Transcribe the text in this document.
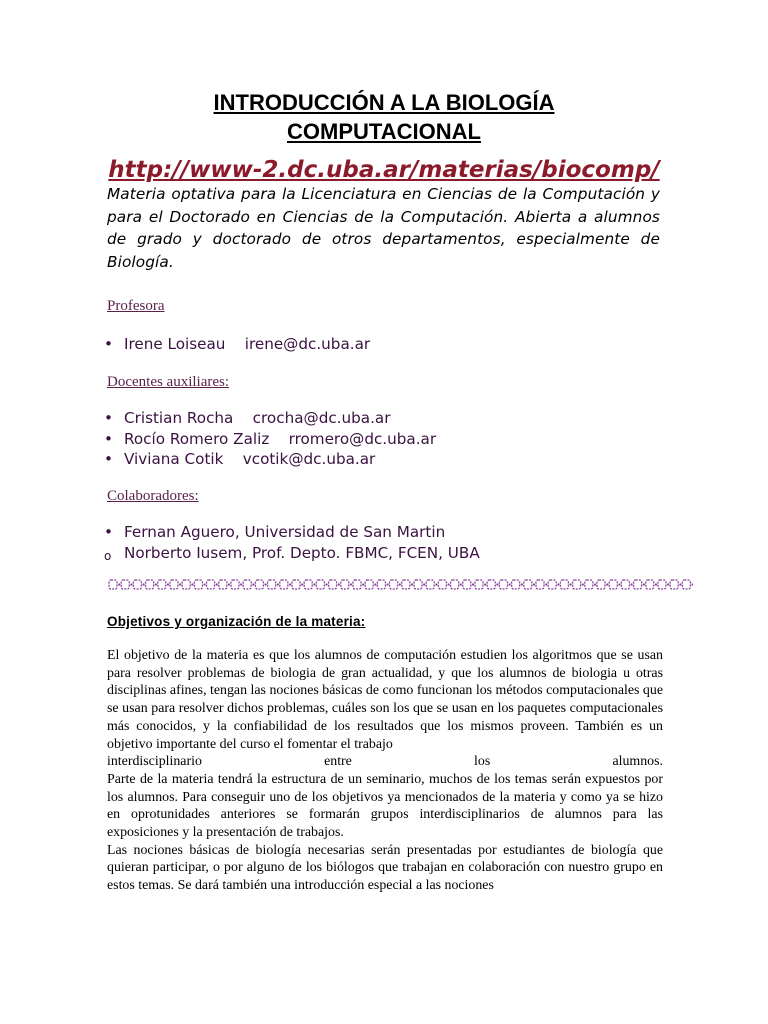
INTRODUCCIÓN A LA BIOLOGÍA
COMPUTACIONAL
http://www-2.dc.uba.ar/materias/biocomp/
Materia optativa para la Licenciatura en Ciencias de la Computación y para el Doctorado en Ciencias de la Computación. Abierta a alumnos de grado y doctorado de otros departamentos, especialmente de Biología.
Profesora
• Irene Loiseau    irene@dc.uba.ar
Docentes auxiliares:
• Cristian Rocha    crocha@dc.uba.ar
• Rocío Romero Zaliz    rromero@dc.uba.ar
• Viviana Cotik    vcotik@dc.uba.ar
Colaboradores:
• Fernan Aguero, Universidad de San Martin
o Norberto Iusem, Prof. Depto. FBMC, FCEN, UBA
Objetivos y organización de la materia:

El objetivo de la materia es que los alumnos de computación estudien los algoritmos que se usan para resolver problemas de biologia de gran actualidad, y que los alumnos de biologia u otras disciplinas afines, tengan las nociones básicas de como funcionan los métodos computacionales que se usan para resolver dichos problemas, cuáles son los que se usan en los paquetes computacionales más conocidos, y la confiabilidad de los resultados que los mismos proveen. También es un objetivo importante del curso el fomentar el trabajo

interdisciplinario entre los alumnos.

Parte de la materia tendrá la estructura de un seminario, muchos de los temas serán expuestos por los alumnos. Para conseguir uno de los objetivos ya mencionados de la materia y como ya se hizo en oprotunidades anteriores se formarán grupos interdisciplinarios de alumnos para las exposiciones y la presentación de trabajos.

Las nociones básicas de biología necesarias serán presentadas por estudiantes de biología que quieran participar, o por alguno de los biólogos que trabajan en colaboración con nuestro grupo en estos temas. Se dará también una introducción especial a las nociones
